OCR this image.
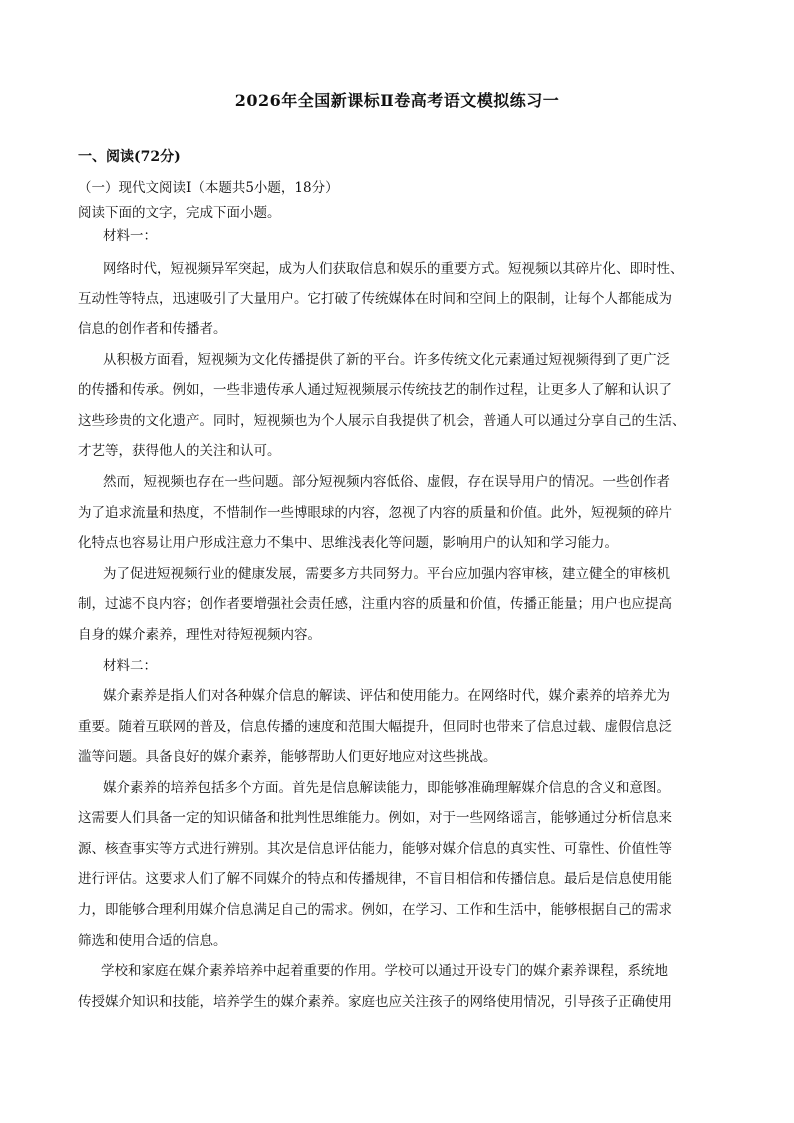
2026年全国新课标Ⅱ卷高考语文模拟练习一
一、阅读(72分)
（一）现代文阅读Ⅰ（本题共5小题，18分）
阅读下面的文字，完成下面小题。
材料一：
网络时代，短视频异军突起，成为人们获取信息和娱乐的重要方式。短视频以其碎片化、即时性、
互动性等特点，迅速吸引了大量用户。它打破了传统媒体在时间和空间上的限制，让每个人都能成为
信息的创作者和传播者。
从积极方面看，短视频为文化传播提供了新的平台。许多传统文化元素通过短视频得到了更广泛
的传播和传承。例如，一些非遗传承人通过短视频展示传统技艺的制作过程，让更多人了解和认识了
这些珍贵的文化遗产。同时，短视频也为个人展示自我提供了机会，普通人可以通过分享自己的生活、
才艺等，获得他人的关注和认可。
然而，短视频也存在一些问题。部分短视频内容低俗、虚假，存在误导用户的情况。一些创作者
为了追求流量和热度，不惜制作一些博眼球的内容，忽视了内容的质量和价值。此外，短视频的碎片
化特点也容易让用户形成注意力不集中、思维浅表化等问题，影响用户的认知和学习能力。
为了促进短视频行业的健康发展，需要多方共同努力。平台应加强内容审核，建立健全的审核机
制，过滤不良内容；创作者要增强社会责任感，注重内容的质量和价值，传播正能量；用户也应提高
自身的媒介素养，理性对待短视频内容。
材料二：
媒介素养是指人们对各种媒介信息的解读、评估和使用能力。在网络时代，媒介素养的培养尤为
重要。随着互联网的普及，信息传播的速度和范围大幅提升，但同时也带来了信息过载、虚假信息泛
滥等问题。具备良好的媒介素养，能够帮助人们更好地应对这些挑战。
媒介素养的培养包括多个方面。首先是信息解读能力，即能够准确理解媒介信息的含义和意图。
这需要人们具备一定的知识储备和批判性思维能力。例如，对于一些网络谣言，能够通过分析信息来
源、核查事实等方式进行辨别。其次是信息评估能力，能够对媒介信息的真实性、可靠性、价值性等
进行评估。这要求人们了解不同媒介的特点和传播规律，不盲目相信和传播信息。最后是信息使用能
力，即能够合理利用媒介信息满足自己的需求。例如，在学习、工作和生活中，能够根据自己的需求
筛选和使用合适的信息。
学校和家庭在媒介素养培养中起着重要的作用。学校可以通过开设专门的媒介素养课程，系统地
传授媒介知识和技能，培养学生的媒介素养。家庭也应关注孩子的网络使用情况，引导孩子正确使用
